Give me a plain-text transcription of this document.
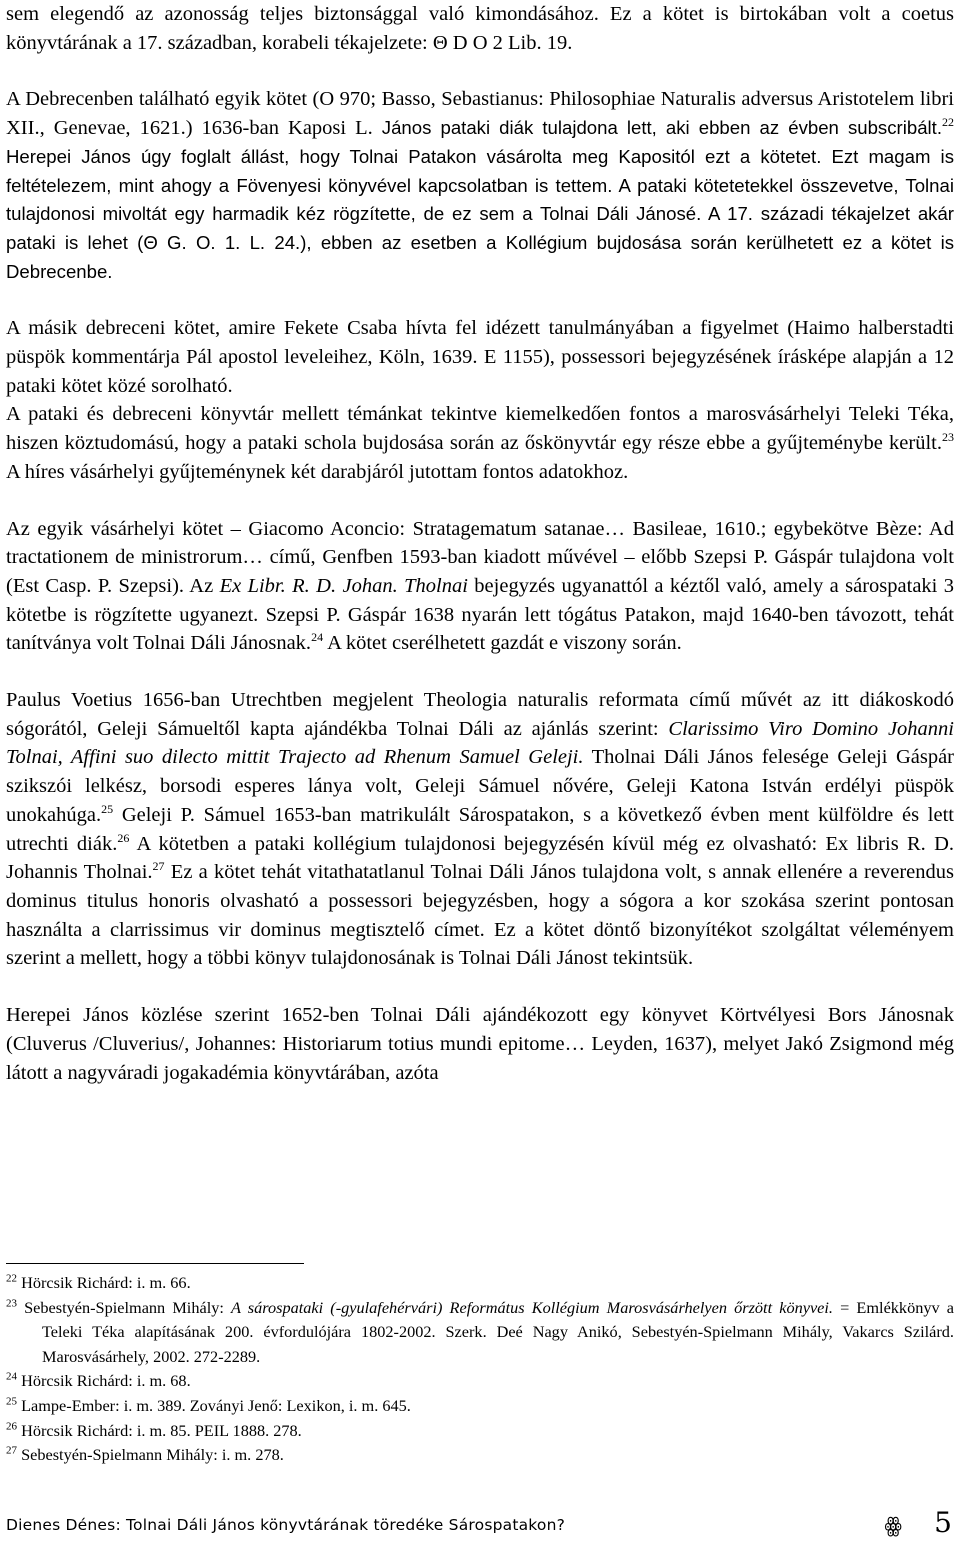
sem elegendő az azonosság teljes biztonsággal való kimondásához. Ez a kötet is birtokában volt a coetus könyvtárának a 17. században, korabeli tékajelzete: Θ D O 2 Lib. 19.

A Debrecenben található egyik kötet (O 970; Basso, Sebastianus: Philosophiae Naturalis adversus Aristotelem libri XII., Genevae, 1621.) 1636-ban Kaposi L. János pataki diák tulajdona lett, aki ebben az évben subscribált.$^{22}$ Herepei János úgy foglalt állást, hogy Tolnai Patakon vásárolta meg Kapositól ezt a kötetet. Ezt magam is feltételezem, mint ahogy a Fövenyesi könyvével kapcsolatban is tettem. A pataki kötetetekkel összevetve, Tolnai tulajdonosi mivoltát egy harmadik kéz rögzítette, de ez sem a Tolnai Dáli Jánosé. A 17. századi tékajelzet akár pataki is lehet (Θ G. O. 1. L. 24.), ebben az esetben a Kollégium bujdosása során kerülhetett ez a kötet is Debrecenbe.

A másik debreceni kötet, amire Fekete Csaba hívta fel idézett tanulmányában a figyelmet (Haimo halberstadti püspök kommentárja Pál apostol leveleihez, Köln, 1639. E 1155), possessori bejegyzésének írásképe alapján a 12 pataki kötet közé sorolható.

A pataki és debreceni könyvtár mellett témánkat tekintve kiemelkedően fontos a marosvásárhelyi Teleki Téka, hiszen köztudomású, hogy a pataki schola bujdosása során az őskönyvtár egy része ebbe a gyűjteménybe került.$^{23}$ A híres vásárhelyi gyűjteménynek két darabjáról jutottam fontos adatokhoz.

Az egyik vásárhelyi kötet – Giacomo Aconcio: Stratagematum satanae… Basileae, 1610.; egybekötve Bèze: Ad tractationem de ministrorum… című, Genfben 1593-ban kiadott művével – előbb Szepsi P. Gáspár tulajdona volt (Est Casp. P. Szepsi). Az Ex Libr. R. D. Johan. Tholnai bejegyzés ugyanattól a kéztől való, amely a sárospataki 3 kötetbe is rögzítette ugyanezt. Szepsi P. Gáspár 1638 nyarán lett tógátus Patakon, majd 1640-ben távozott, tehát tanítványa volt Tolnai Dáli Jánosnak.$^{24}$ A kötet cserélhetett gazdát e viszony során.

Paulus Voetius 1656-ban Utrechtben megjelent Theologia naturalis reformata című művét az itt diákoskodó sógorától, Geleji Sámueltől kapta ajándékba Tolnai Dáli az ajánlás szerint: Clarissimo Viro Domino Johanni Tolnai, Affini suo dilecto mittit Trajecto ad Rhenum Samuel Geleji. Tholnai Dáli János felesége Geleji Gáspár szikszói lelkész, borsodi esperes lánya volt, Geleji Sámuel nővére, Geleji Katona István erdélyi püspök unokahúga.$^{25}$ Geleji P. Sámuel 1653-ban matrikulált Sárospatakon, s a következő évben ment külföldre és lett utrechti diák.$^{26}$ A kötetben a pataki kollégium tulajdonosi bejegyzésén kívül még ez olvasható: Ex libris R. D. Johannis Tholnai.$^{27}$ Ez a kötet tehát vitathatatlanul Tolnai Dáli János tulajdona volt, s annak ellenére a reverendus dominus titulus honoris olvasható a possessori bejegyzésben, hogy a sógora a kor szokása szerint pontosan használta a clarrissimus vir dominus megtisztelő címet. Ez a kötet döntő bizonyítékot szolgáltat véleményem szerint a mellett, hogy a többi könyv tulajdonosának is Tolnai Dáli Jánost tekintsük.

Herepei János közlése szerint 1652-ben Tolnai Dáli ajándékozott egy könyvet Körtvélyesi Bors Jánosnak (Cluverus /Cluverius/, Johannes: Historiarum totius mundi epitome… Leyden, 1637), melyet Jakó Zsigmond még látott a nagyváradi jogakadémia könyvtárában, azóta

$^{22}$ Hörcsik Richárd: i. m. 66.

$^{23}$ Sebestyén-Spielmann Mihály: A sárospataki (-gyulafehérvári) Református Kollégium Marosvásárhelyen őrzött könyvei. = Emlékkönyv a Teleki Téka alapításának 200. évfordulójára 1802-2002. Szerk. Deé Nagy Anikó, Sebestyén-Spielmann Mihály, Vakarcs Szilárd. Marosvásárhely, 2002. 272-2289.

$^{24}$ Hörcsik Richárd: i. m. 68.

$^{25}$ Lampe-Ember: i. m. 389. Zoványi Jenő: Lexikon, i. m. 645.

$^{26}$ Hörcsik Richárd: i. m. 85. PEIL 1888. 278.

$^{27}$ Sebestyén-Spielmann Mihály: i. m. 278.

Dienes Dénes: Tolnai Dáli János könyvtárának töredéke Sárospatakon?	ꙮ 5
